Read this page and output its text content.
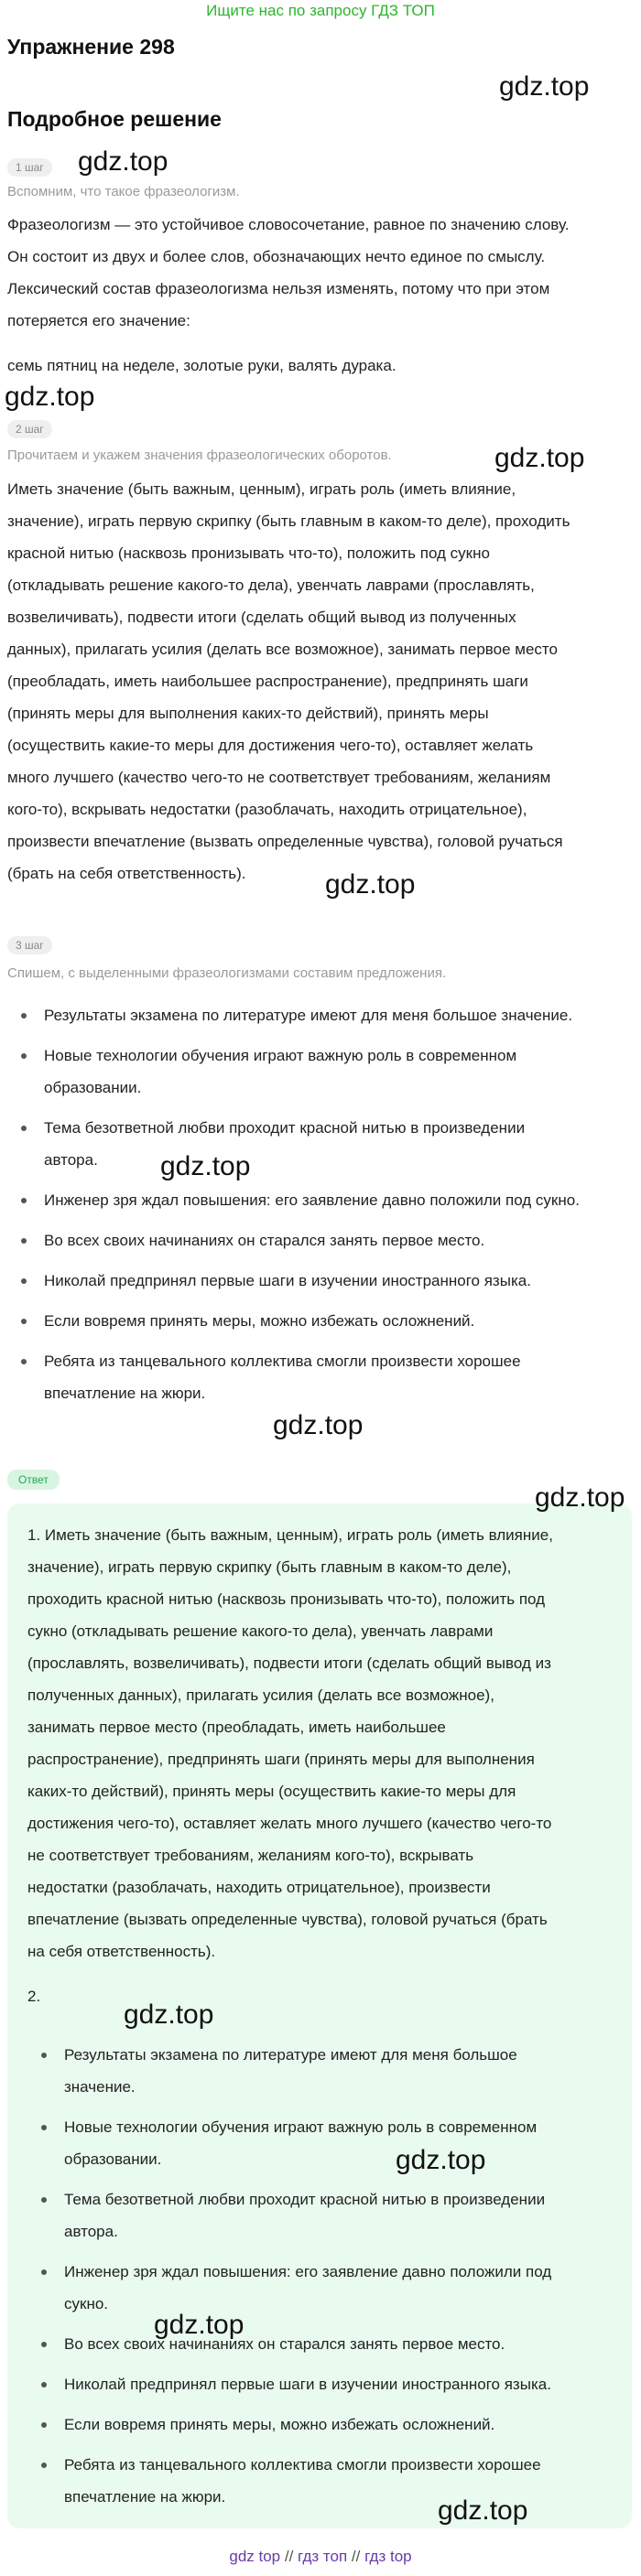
Ищите нас по запросу ГДЗ ТОП
Упражнение 298
Подробное решение
1 шаг
Вспомним, что такое фразеологизм.
Фразеологизм — это устойчивое словосочетание, равное по значению слову.
Он состоит из двух и более слов, обозначающих нечто единое по смыслу.
Лексический состав фразеологизма нельзя изменять, потому что при этом
потеряется его значение:
семь пятниц на неделе, золотые руки, валять дурака.
2 шаг
Прочитаем и укажем значения фразеологических оборотов.
Иметь значение (быть важным, ценным), играть роль (иметь влияние,
значение), играть первую скрипку (быть главным в каком-то деле), проходить
красной нитью (насквозь пронизывать что-то), положить под сукно
(откладывать решение какого-то дела), увенчать лаврами (прославлять,
возвеличивать), подвести итоги (сделать общий вывод из полученных
данных), прилагать усилия (делать все возможное), занимать первое место
(преобладать, иметь наибольшее распространение), предпринять шаги
(принять меры для выполнения каких-то действий), принять меры
(осуществить какие-то меры для достижения чего-то), оставляет желать
много лучшего (качество чего-то не соответствует требованиям, желаниям
кого-то), вскрывать недостатки (разоблачать, находить отрицательное),
произвести впечатление (вызвать определенные чувства), головой ручаться
(брать на себя ответственность).
3 шаг
Спишем, с выделенными фразеологизмами составим предложения.
Результаты экзамена по литературе имеют для меня большое значение.
Новые технологии обучения играют важную роль в современном
образовании.
Тема безответной любви проходит красной нитью в произведении
автора.
Инженер зря ждал повышения: его заявление давно положили под сукно.
Во всех своих начинаниях он старался занять первое место.
Николай предпринял первые шаги в изучении иностранного языка.
Если вовремя принять меры, можно избежать осложнений.
Ребята из танцевального коллектива смогли произвести хорошее
впечатление на жюри.
Ответ
1. Иметь значение (быть важным, ценным), играть роль (иметь влияние,
значение), играть первую скрипку (быть главным в каком-то деле),
проходить красной нитью (насквозь пронизывать что-то), положить под
сукно (откладывать решение какого-то дела), увенчать лаврами
(прославлять, возвеличивать), подвести итоги (сделать общий вывод из
полученных данных), прилагать усилия (делать все возможное),
занимать первое место (преобладать, иметь наибольшее
распространение), предпринять шаги (принять меры для выполнения
каких-то действий), принять меры (осуществить какие-то меры для
достижения чего-то), оставляет желать много лучшего (качество чего-то
не соответствует требованиям, желаниям кого-то), вскрывать
недостатки (разоблачать, находить отрицательное), произвести
впечатление (вызвать определенные чувства), головой ручаться (брать
на себя ответственность).
2.
Результаты экзамена по литературе имеют для меня большое
значение.
Новые технологии обучения играют важную роль в современном
образовании.
Тема безответной любви проходит красной нитью в произведении
автора.
Инженер зря ждал повышения: его заявление давно положили под
сукно.
Во всех своих начинаниях он старался занять первое место.
Николай предпринял первые шаги в изучении иностранного языка.
Если вовремя принять меры, можно избежать осложнений.
Ребята из танцевального коллектива смогли произвести хорошее
впечатление на жюри.
gdz.top
gdz.top
gdz.top
gdz.top
gdz.top
gdz.top
gdz.top
gdz.top
gdz.top
gdz.top
gdz.top
gdz.top
gdz top // гдз топ // гдз top
